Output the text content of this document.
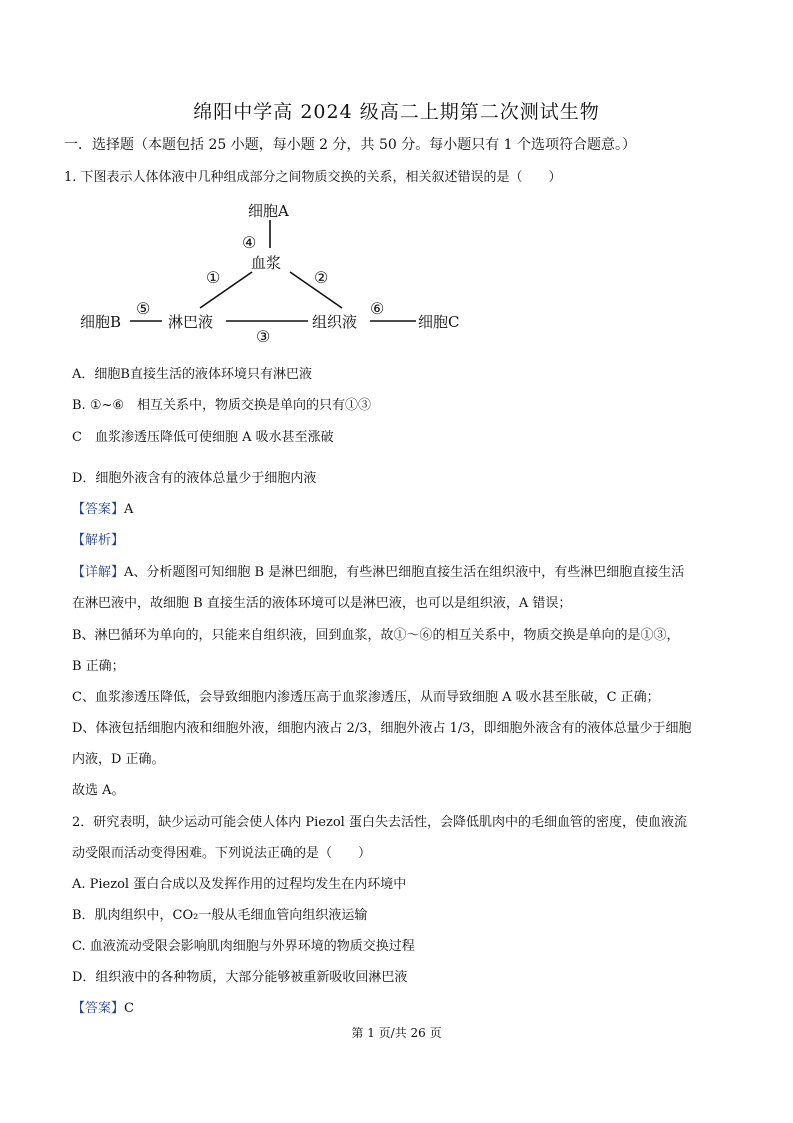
绵阳中学高 2024 级高二上期第二次测试生物
一．选择题（本题包括 25 小题，每小题 2 分，共 50 分。每小题只有 1 个选项符合题意。）
1. 下图表示人体体液中几种组成部分之间物质交换的关系，相关叙述错误的是（　　）
细胞A
血浆
淋巴液	组织液
细胞B	细胞C
④
①	②
③
⑤	⑥
A．细胞B直接生活的液体环境只有淋巴液
B. ①~⑥　相互关系中，物质交换是单向的只有①③
C　血浆渗透压降低可使细胞 A 吸水甚至涨破
D．细胞外液含有的液体总量少于细胞内液
【答案】A
【解析】
【详解】A、分析题图可知细胞 B 是淋巴细胞，有些淋巴细胞直接生活在组织液中，有些淋巴细胞直接生活
在淋巴液中，故细胞 B 直接生活的液体环境可以是淋巴液，也可以是组织液，A 错误；
B、淋巴循环为单向的，只能来自组织液，回到血浆，故①～⑥的相互关系中，物质交换是单向的是①③，
B 正确；
C、血浆渗透压降低，会导致细胞内渗透压高于血浆渗透压，从而导致细胞 A 吸水甚至胀破，C 正确；
D、体液包括细胞内液和细胞外液，细胞内液占 2/3，细胞外液占 1/3，即细胞外液含有的液体总量少于细胞
内液，D 正确。
故选 A。
2．研究表明，缺少运动可能会使人体内 Piezol 蛋白失去活性，会降低肌肉中的毛细血管的密度，使血液流
动受限而活动变得困难。下列说法正确的是（　　）
A. Piezol 蛋白合成以及发挥作用的过程均发生在内环境中
B．肌肉组织中，CO₂一般从毛细血管向组织液运输
C. 血液流动受限会影响肌肉细胞与外界环境的物质交换过程
D．组织液中的各种物质，大部分能够被重新吸收回淋巴液
【答案】C
第 1 页/共 26 页
